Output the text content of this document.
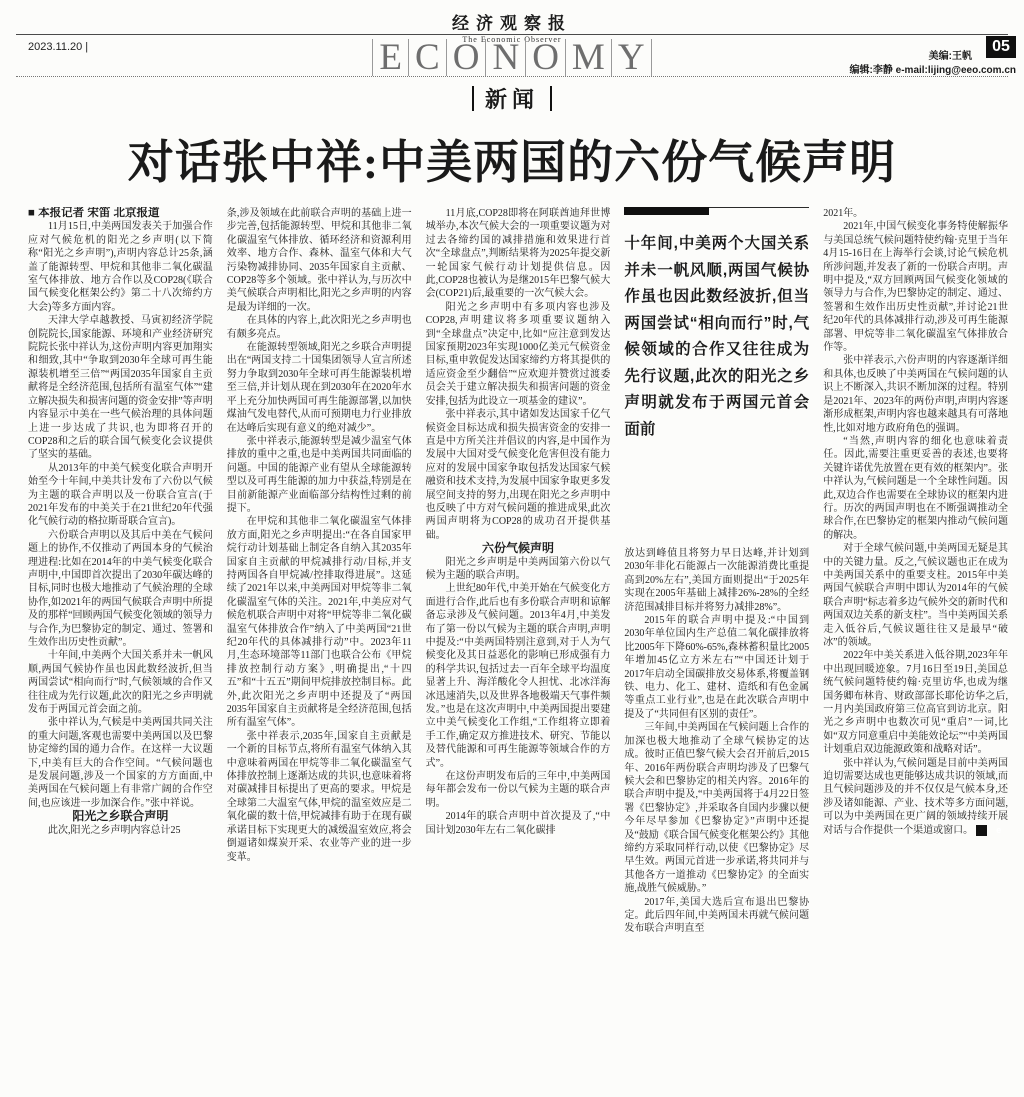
经济观察报
The Economic Observer
2023.11.20 |	E C O N O M Y	05
美编:王帆
编辑:李静 e-mail:lijing@eeo.com.cn
新闻
对话张中祥:中美两国的六份气候声明

■ 本报记者 宋笛 北京报道

11月15日,中美两国发表关于加强合作应对气候危机的阳光之乡声明(以下简称“阳光之乡声明”),声明内容总计25条,涵盖了能源转型、甲烷和其他非二氧化碳温室气体排放、地方合作以及COP28(《联合国气候变化框架公约》第二十八次缔约方大会)等多方面内容。

天津大学卓越教授、马寅初经济学院创院院长,国家能源、环境和产业经济研究院院长张中祥认为,这份声明内容更加翔实和细致,其中“争取到2030年全球可再生能源装机增至三倍”“两国2035年国家自主贡献将是全经济范围,包括所有温室气体”“建立解决损失和损害问题的资金安排”等声明内容显示中美在一些气候治理的具体问题上进一步达成了共识,也为即将召开的COP28和之后的联合国气候变化会议提供了坚实的基础。

从2013年的中美气候变化联合声明开始至今十年间,中美共计发布了六份以气候为主题的联合声明以及一份联合宣言(于2021年发布的中美关于在21世纪20年代强化气候行动的格拉斯哥联合宣言)。

六份联合声明以及其后中美在气候问题上的协作,不仅推动了两国本身的气候治理进程:比如在2014年的中美气候变化联合声明中,中国即首次提出了2030年碳达峰的目标,同时也极大地推动了气候治理的全球协作,如2021年的两国气候联合声明中所提及的那样“回顾两国气候变化领域的领导力与合作,为巴黎协定的制定、通过、签署和生效作出历史性贡献”。

十年间,中美两个大国关系并未一帆风顺,两国气候协作虽也因此数经波折,但当两国尝试“相向而行”时,气候领域的合作又往往成为先行议题,此次的阳光之乡声明就发布于两国元首会面之前。

张中祥认为,气候是中美两国共同关注的重大问题,客观也需要中美两国以及巴黎协定缔约国的通力合作。在这样一大议题下,中美有巨大的合作空间。“气候问题也是发展问题,涉及一个国家的方方面面,中美两国在气候问题上有非常广阔的合作空间,也应该进一步加深合作。”张中祥说。

阳光之乡联合声明

此次,阳光之乡声明内容总计25

条,涉及领域在此前联合声明的基础上进一步完善,包括能源转型、甲烷和其他非二氧化碳温室气体排放、循环经济和资源利用效率、地方合作、森林、温室气体和大气污染物减排协同、2035年国家自主贡献、COP28等多个领域。张中祥认为,与历次中美气候联合声明相比,阳光之乡声明的内容是最为详细的一次。

在具体的内容上,此次阳光之乡声明也有颇多亮点。

在能源转型领域,阳光之乡联合声明提出在“两国支持二十国集团领导人宣言所述努力争取到2030年全球可再生能源装机增至三倍,并计划从现在到2030年在2020年水平上充分加快两国可再生能源部署,以加快煤油气发电替代,从而可预期电力行业排放在达峰后实现有意义的绝对减少”。

张中祥表示,能源转型是减少温室气体排放的重中之重,也是中美两国共同面临的问题。中国的能源产业有望从全球能源转型以及可再生能源的加力中获益,特别是在目前新能源产业面临部分结构性过剩的前提下。

在甲烷和其他非二氧化碳温室气体排放方面,阳光之乡声明提出:“在各自国家甲烷行动计划基础上制定各自纳入其2035年国家自主贡献的甲烷减排行动/目标,并支持两国各自甲烷减/控排取得进展”。这延续了2021年以来,中美两国对甲烷等非二氧化碳温室气体的关注。2021年,中美应对气候危机联合声明中对将“甲烷等非二氧化碳温室气体排放合作”纳入了中美两国“21世纪20年代的具体减排行动”中。2023年11月,生态环境部等11部门也联合公布《甲烷排放控制行动方案》,明确提出,“十四五”和“十五五”期间甲烷排放控制目标。此外,此次阳光之乡声明中还提及了“两国2035年国家自主贡献将是全经济范围,包括所有温室气体”。

张中祥表示,2035年,国家自主贡献是一个新的目标节点,将所有温室气体纳入其中意味着两国在甲烷等非二氧化碳温室气体排放控制上逐渐达成的共识,也意味着将对碳减排目标提出了更高的要求。甲烷是全球第二大温室气体,甲烷的温室效应是二氧化碳的数十倍,甲烷减排有助于在现有碳承诺目标下实现更大的减缓温室效应,将会倒逼诸如煤炭开采、农业等产业的进一步变革。

11月底,COP28即将在阿联酋迪拜世博城举办,本次气候大会的一项重要议题为对过去各缔约国的减排措施和效果进行首次“全球盘点”,判断结果将为2025年提交新一轮国家气候行动计划提供信息。因此,COP28也被认为是继2015年巴黎气候大会(COP21)后,最重要的一次气候大会。

阳光之乡声明中有多项内容也涉及COP28,声明建议将多项重要议题纳入到“全球盘点”决定中,比如“应注意到发达国家预期2023年实现1000亿美元气候资金目标,重申敦促发达国家缔约方将其提供的适应资金至少翻倍”“应欢迎并赞赏过渡委员会关于建立解决损失和损害问题的资金安排,包括为此设立一项基金的建议”。

张中祥表示,其中诸如发达国家千亿气候资金目标达成和损失损害资金的安排一直是中方所关注并倡议的内容,是中国作为发展中大国对受气候变化危害但没有能力应对的发展中国家争取包括发达国家气候融资和技术支持,为发展中国家争取更多发展空间支持的努力,出现在阳光之乡声明中也反映了中方对气候问题的推进成果,此次两国声明将为COP28的成功召开提供基础。

六份气候声明

阳光之乡声明是中美两国第六份以气候为主题的联合声明。

上世纪80年代,中美开始在气候变化方面进行合作,此后也有多份联合声明和谅解备忘录涉及气候问题。2013年4月,中美发布了第一份以气候为主题的联合声明,声明中提及:“中美两国特别注意到,对于人为气候变化及其日益恶化的影响已形成强有力的科学共识,包括过去一百年全球平均温度显著上升、海洋酸化令人担忧、北冰洋海冰迅速消失,以及世界各地极端天气事件频发。”也是在这次声明中,中美两国提出要建立中美气候变化工作组,“工作组将立即着手工作,确定双方推进技术、研究、节能以及替代能源和可再生能源等领域合作的方式”。

在这份声明发布后的三年中,中美两国每年都会发布一份以气候为主题的联合声明。

2014年的联合声明中首次提及了,“中国计划2030年左右二氧化碳排

十年间,中美两个大国关系并未一帆风顺,两国气候协作虽也因此数经波折,但当两国尝试“相向而行”时,气候领域的合作又往往成为先行议题,此次的阳光之乡声明就发布于两国元首会面前

放达到峰值且将努力早日达峰,并计划到2030年非化石能源占一次能源消费比重提高到20%左右”,美国方面则提出“于2025年实现在2005年基础上减排26%-28%的全经济范围减排目标并将努力减排28%”。

2015年的联合声明中提及:“中国到2030年单位国内生产总值二氧化碳排放将比2005年下降60%-65%,森林蓄积量比2005年增加45亿立方米左右”“中国还计划于2017年启动全国碳排放交易体系,将覆盖钢铁、电力、化工、建材、造纸和有色金属等重点工业行业”,也是在此次联合声明中提及了“共同但有区别的责任”。

三年间,中美两国在气候问题上合作的加深也极大地推动了全球气候协定的达成。彼时正值巴黎气候大会召开前后,2015年、2016年两份联合声明均涉及了巴黎气候大会和巴黎协定的相关内容。2016年的联合声明中提及,“中美两国将于4月22日签署《巴黎协定》,并采取各自国内步骤以便今年尽早参加《巴黎协定》”声明中还提及“鼓励《联合国气候变化框架公约》其他缔约方采取同样行动,以使《巴黎协定》尽早生效。两国元首进一步承诺,将共同并与其他各方一道推动《巴黎协定》的全面实施,战胜气候威胁。”

2017年,美国大选后宣布退出巴黎协定。此后四年间,中美两国未再就气候问题发布联合声明直至

2021年。

2021年,中国气候变化事务特使解振华与美国总统气候问题特使约翰·克里于当年4月15-16日在上海举行会谈,讨论气候危机所涉问题,并发表了新的一份联合声明。声明中提及,“双方回顾两国气候变化领域的领导力与合作,为巴黎协定的制定、通过、签署和生效作出历史性贡献”,并讨论21世纪20年代的具体减排行动,涉及可再生能源部署、甲烷等非二氧化碳温室气体排放合作等。

张中祥表示,六份声明的内容逐渐详细和具体,也反映了中美两国在气候问题的认识上不断深入,共识不断加深的过程。特别是2021年、2023年的两份声明,声明内容逐渐形成框架,声明内容也越来越具有可落地性,比如对地方政府角色的强调。

“当然,声明内容的细化也意味着责任。因此,需要注重更妥善的表述,也要将关键许诺优先放置在更有效的框架内”。张中祥认为,气候问题是一个全球性问题。因此,双边合作也需要在全球协议的框架内进行。历次的两国声明也在不断强调推动全球合作,在巴黎协定的框架内推动气候问题的解决。

对于全球气候问题,中美两国无疑是其中的关键力量。反之,气候议题也正在成为中美两国关系中的重要支柱。2015年中美两国气候联合声明中即认为2014年的气候联合声明“标志着多边气候外交的新时代和两国双边关系的新支柱”。当中美两国关系走入低谷后,气候议题往往又是最早“破冰”的领域。

2022年中美关系进入低谷期,2023年年中出现回暖迹象。7月16日至19日,美国总统气候问题特使约翰·克里访华,也成为继国务卿布林肯、财政部部长耶伦访华之后,一月内美国政府第三位高官到访北京。阳光之乡声明中也数次可见“重启”一词,比如“双方同意重启中美能效论坛”“中美两国计划重启双边能源政策和战略对话”。

张中祥认为,气候问题是目前中美两国迫切需要达成也更能够达成共识的领域,而且气候问题涉及的并不仅仅是气候本身,还涉及诸如能源、产业、技术等多方面问题,可以为中美两国在更广阔的领域持续开展对话与合作提供一个渠道或窗口。	e
